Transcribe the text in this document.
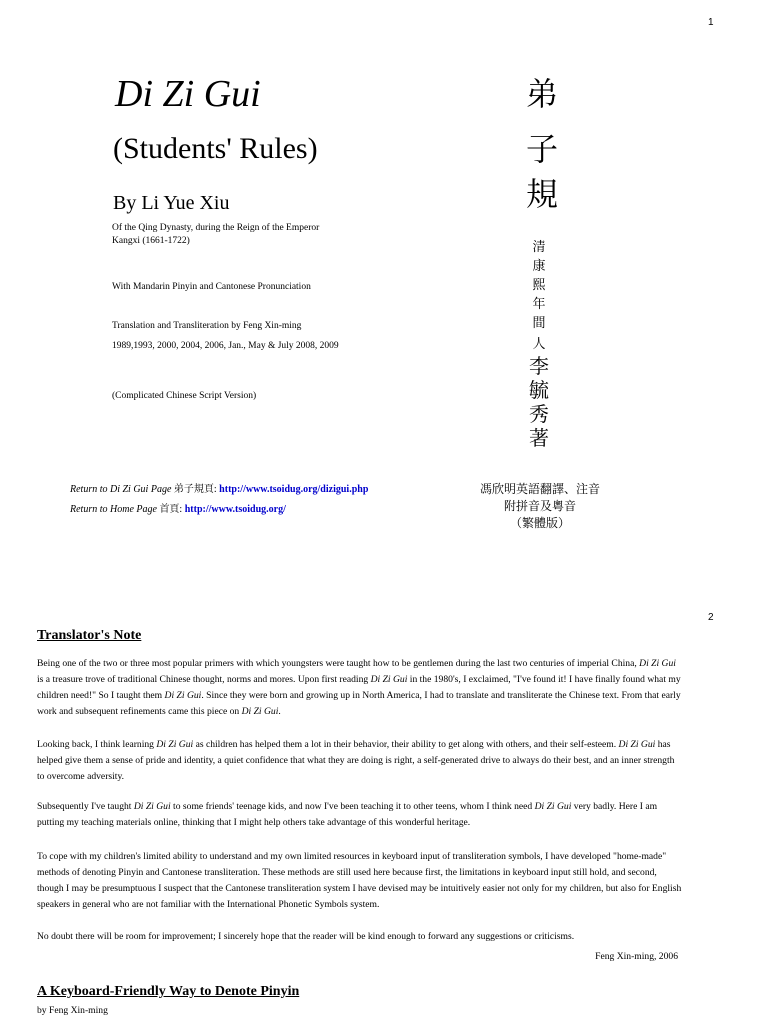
1
Di Zi Gui
(Students' Rules)
By Li Yue Xiu
Of the Qing Dynasty, during the Reign of the Emperor
Kangxi (1661-1722)
With Mandarin Pinyin and Cantonese Pronunciation
Translation and Transliteration by Feng Xin-ming
1989,1993, 2000, 2004, 2006, Jan., May & July 2008, 2009
(Complicated Chinese Script Version)
弟
子
規
清
康
熙
年
間
人
李
毓
秀
著
Return to Di Zi Gui Page 弟子規頁: http://www.tsoidug.org/dizigui.php
Return to Home Page 首頁: http://www.tsoidug.org/
馮欣明英語翻譯、注音
附拼音及粵音
（繁體版）
2
Translator's Note
Being one of the two or three most popular primers with which youngsters were taught how to be gentlemen during the last two centuries of imperial China, Di Zi Gui is a treasure trove of traditional Chinese thought, norms and mores. Upon first reading Di Zi Gui in the 1980's, I exclaimed, "I've found it! I have finally found what my children need!" So I taught them Di Zi Gui. Since they were born and growing up in North America, I had to translate and transliterate the Chinese text. From that early work and subsequent refinements came this piece on Di Zi Gui.
Looking back, I think learning Di Zi Gui as children has helped them a lot in their behavior, their ability to get along with others, and their self-esteem. Di Zi Gui has helped give them a sense of pride and identity, a quiet confidence that what they are doing is right, a self-generated drive to always do their best, and an inner strength to overcome adversity.
Subsequently I've taught Di Zi Gui to some friends' teenage kids, and now I've been teaching it to other teens, whom I think need Di Zi Gui very badly. Here I am putting my teaching materials online, thinking that I might help others take advantage of this wonderful heritage.
To cope with my children's limited ability to understand and my own limited resources in keyboard input of transliteration symbols, I have developed "home-made" methods of denoting Pinyin and Cantonese transliteration. These methods are still used here because first, the limitations in keyboard input still hold, and second, though I may be presumptuous I suspect that the Cantonese transliteration system I have devised may be intuitively easier not only for my children, but also for English speakers in general who are not familiar with the International Phonetic Symbols system.
No doubt there will be room for improvement; I sincerely hope that the reader will be kind enough to forward any suggestions or criticisms.
Feng Xin-ming, 2006
A Keyboard-Friendly Way to Denote Pinyin
by Feng Xin-ming
